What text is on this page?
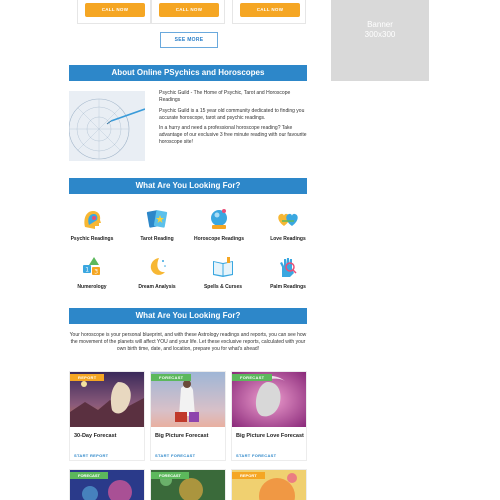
CALL NOW	CALL NOW	CALL NOW
SEE MORE
Banner
300x300
About Online PSychics and Horoscopes

Psychic Guild - The Home of Psychic, Tarot and Horoscope Readings

Psychic Guild is a 15 year old community dedicated to finding you accurate horoscope, tarot and psychic readings.

In a hurry and need a professional horoscope reading? Take advantage of our exclusive 3 free minute reading with our favourite horoscope site!

What Are You Looking For?
Psychic Readings	Tarot Reading	Horoscope Readings	Love Readings
1 3
Numerology	Dream Analysis	Spells & Curses	Palm Readings
What Are You Looking For?
Your horoscope is your personal blueprint, and with these Astrology readings and reports, you can see how the movement of the planets will affect YOU and your life. Let these exclusive reports, calculated with your own birth time, date, and location, prepare you for what's ahead!
REPORT
30-Day Forecast
START REPORT
FORECAST
Big Picture Forecast
START FORECAST
FORECAST
Big Picture Love Forecast
START FORECAST
FORECAST	FORECAST	REPORT
